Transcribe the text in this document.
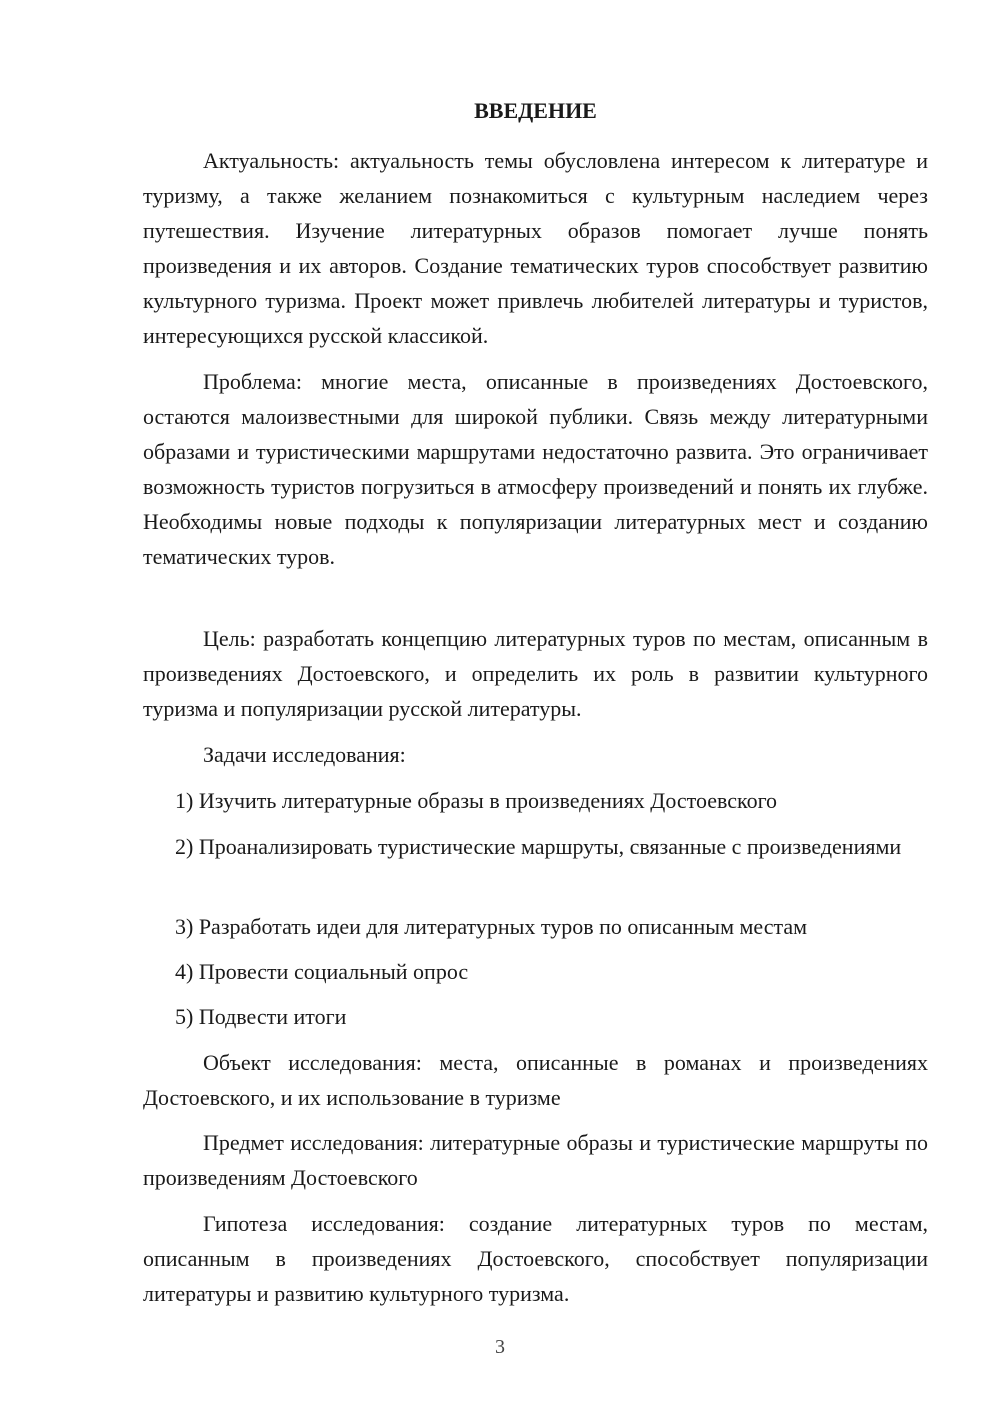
ВВЕДЕНИЕ

Актуальность: актуальность темы обусловлена интересом к литературе и туризму, а также желанием познакомиться с культурным наследием через путешествия. Изучение литературных образов помогает лучше понять произведения и их авторов. Создание тематических туров способствует развитию культурного туризма. Проект может привлечь любителей литературы и туристов, интересующихся русской классикой.

Проблема: многие места, описанные в произведениях Достоевского, остаются малоизвестными для широкой публики. Связь между литературными образами и туристическими маршрутами недостаточно развита. Это ограничивает возможность туристов погрузиться в атмосферу произведений и понять их глубже. Необходимы новые подходы к популяризации литературных мест и созданию тематических туров.

Цель: разработать концепцию литературных туров по местам, описанным в произведениях Достоевского, и определить их роль в развитии культурного туризма и популяризации русской литературы.

Задачи исследования:

1) Изучить литературные образы в произведениях Достоевского

2) Проанализировать туристические маршруты, связанные с произведениями

3) Разработать идеи для литературных туров по описанным местам

4) Провести социальный опрос

5) Подвести итоги

Объект исследования: места, описанные в романах и произведениях Достоевского, и их использование в туризме

Предмет исследования: литературные образы и туристические маршруты по произведениям Достоевского

Гипотеза исследования: создание литературных туров по местам, описанным в произведениях Достоевского, способствует популяризации литературы и развитию культурного туризма.

3
